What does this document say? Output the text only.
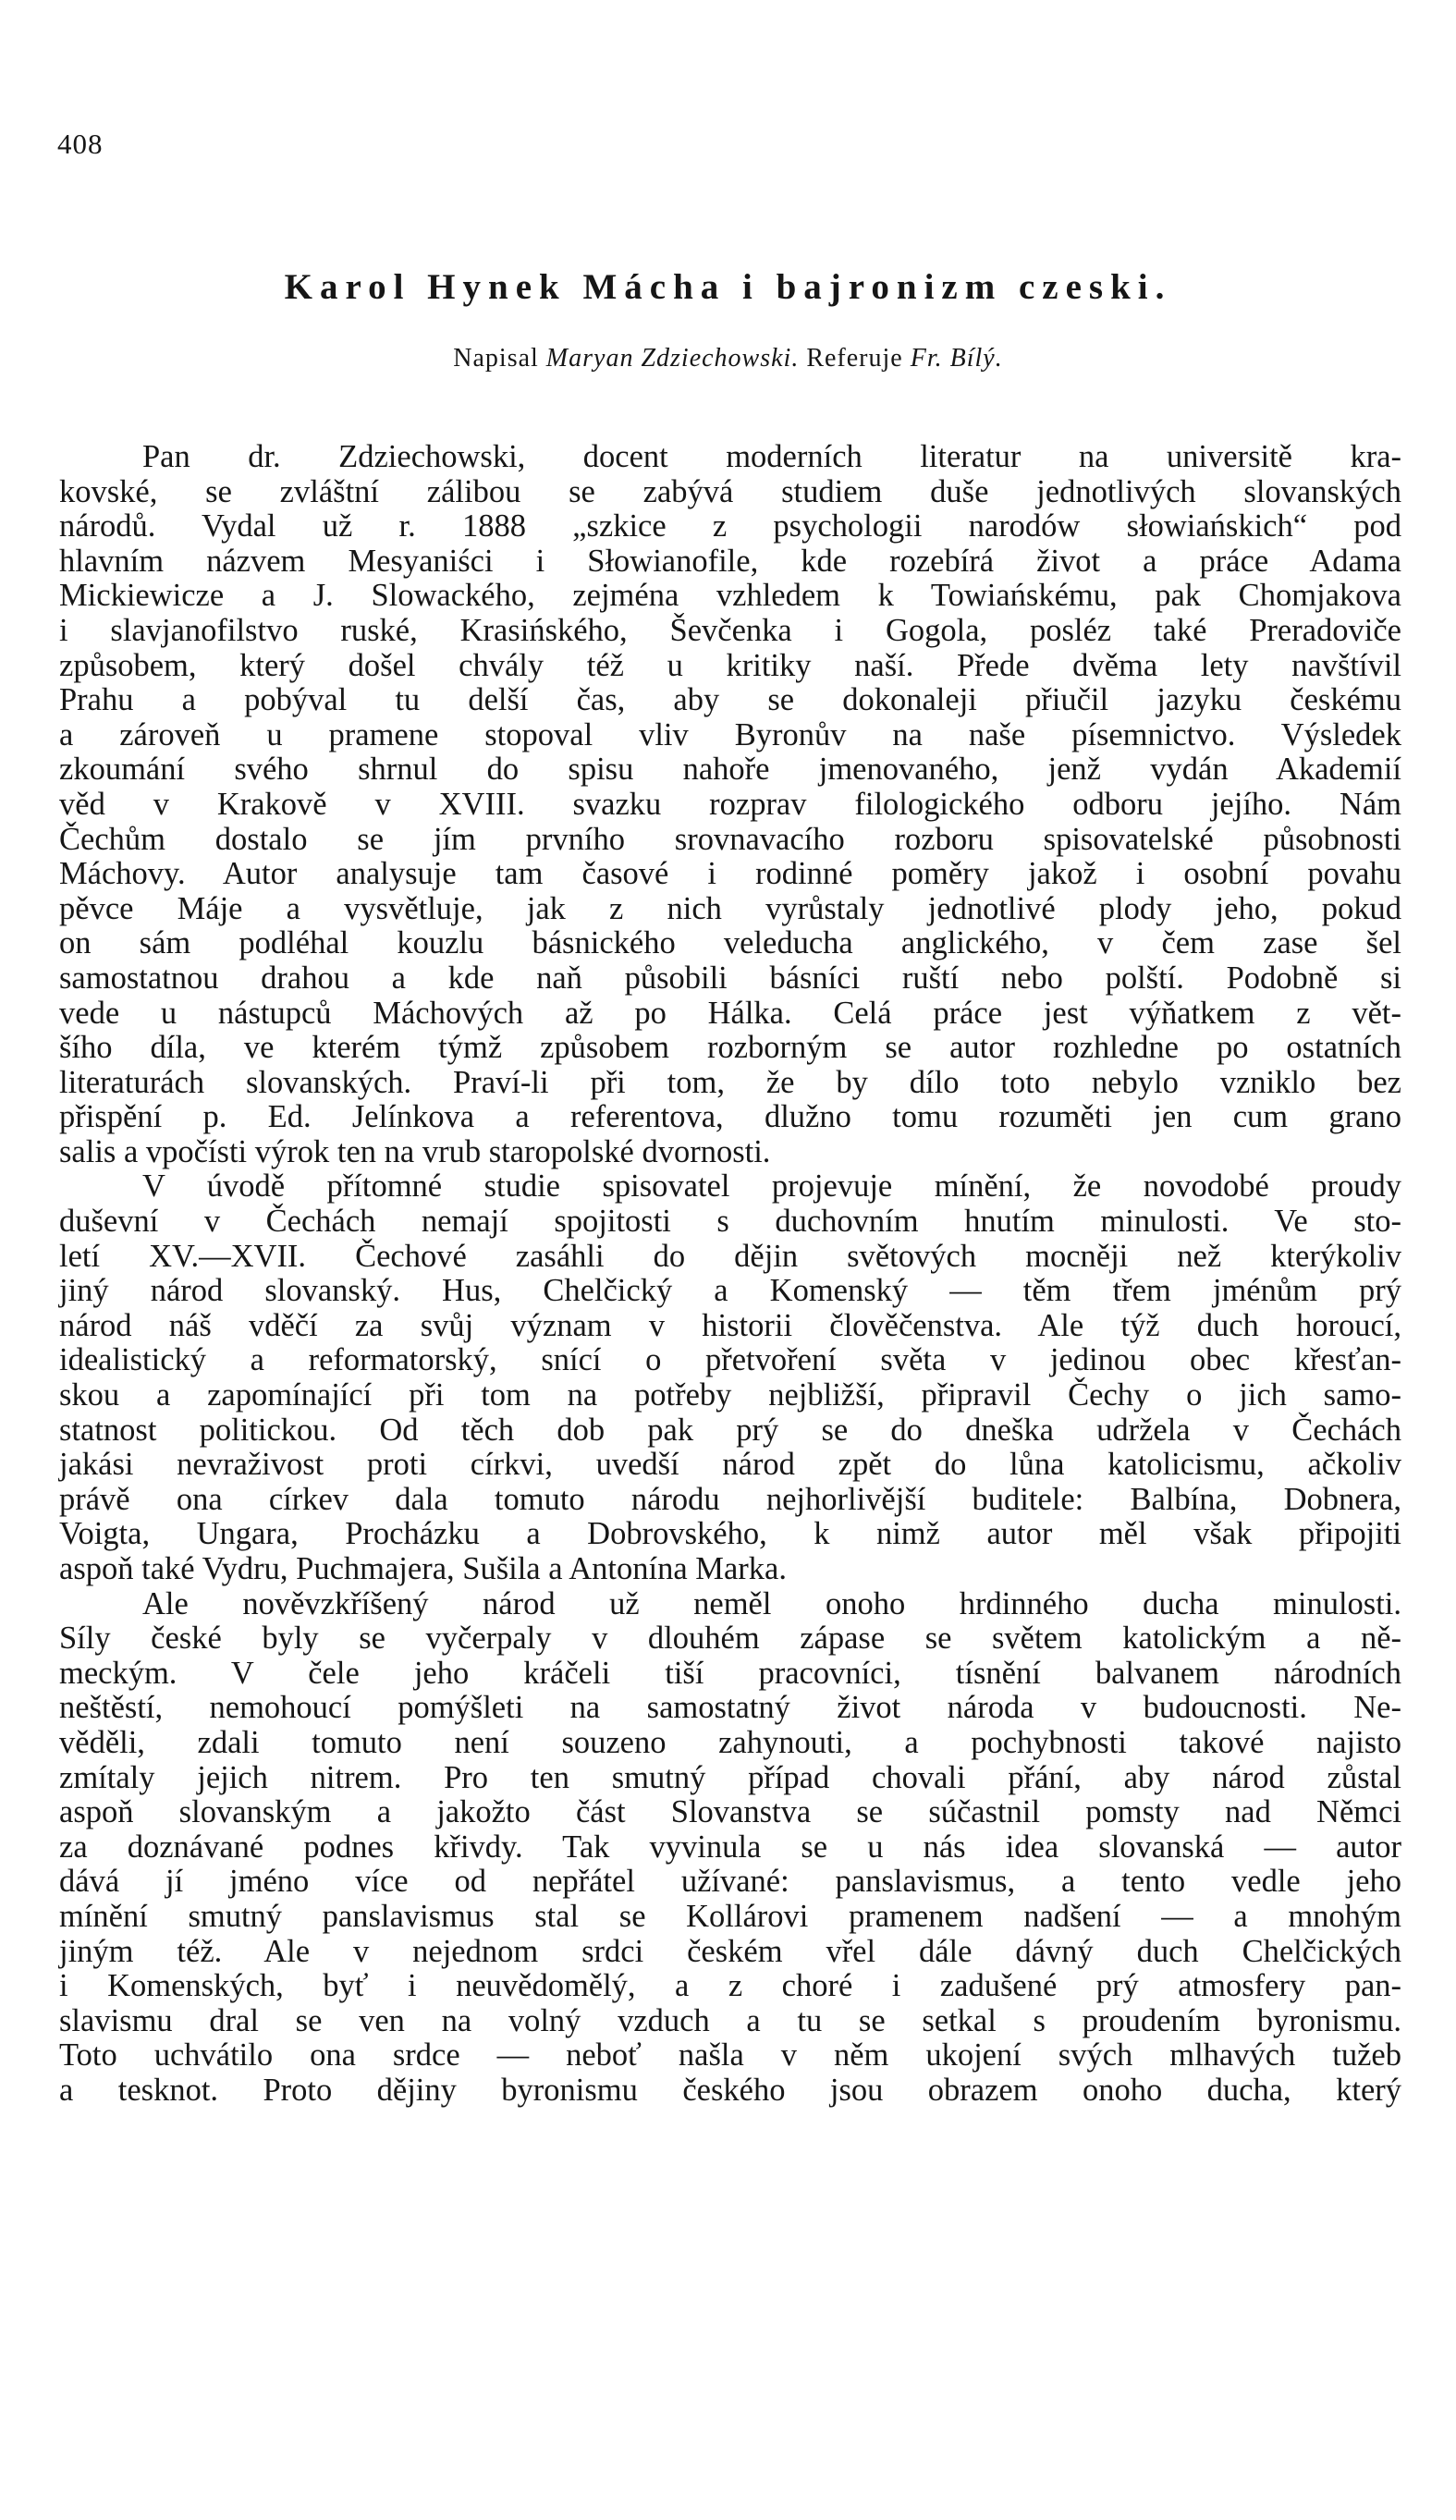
408
Karol Hynek Mácha i bajronizm czeski.
Napisal Maryan Zdziechowski. Referuje Fr. Bílý.
Pan dr. Zdziechowski, docent moderních literatur na universitě kra-
kovské, se zvláštní zálibou se zabývá studiem duše jednotlivých slovanských
národů. Vydal už r. 1888 „szkice z psychologii narodów słowiańskich“ pod
hlavním názvem Mesyaniści i Słowianofile, kde rozebírá život a práce Adama
Mickiewicze a J. Slowackého, zejména vzhledem k Towiańskému, pak Chomjakova
i slavjanofilstvo ruské, Krasińského, Ševčenka i Gogola, posléz také Preradoviče
způsobem, který došel chvály též u kritiky naší. Přede dvěma lety navštívil
Prahu a pobýval tu delší čas, aby se dokonaleji přiučil jazyku českému
a zároveň u pramene stopoval vliv Byronův na naše písemnictvo. Výsledek
zkoumání svého shrnul do spisu nahoře jmenovaného, jenž vydán Akademií
věd v Krakově v XVIII. svazku rozprav filologického odboru jejího. Nám
Čechům dostalo se jím prvního srovnavacího rozboru spisovatelské působnosti
Máchovy. Autor analysuje tam časové i rodinné poměry jakož i osobní povahu
pěvce Máje a vysvětluje, jak z nich vyrůstaly jednotlivé plody jeho, pokud
on sám podléhal kouzlu básnického veleducha anglického, v čem zase šel
samostatnou drahou a kde naň působili básníci ruští nebo polští. Podobně si
vede u nástupců Máchových až po Hálka. Celá práce jest výňatkem z vět-
šího díla, ve kterém týmž způsobem rozborným se autor rozhledne po ostatních
literaturách slovanských. Praví-li při tom, že by dílo toto nebylo vzniklo bez
přispění p. Ed. Jelínkova a referentova, dlužno tomu rozuměti jen cum grano
salis a vpočísti výrok ten na vrub staropolské dvornosti.
V úvodě přítomné studie spisovatel projevuje mínění, že novodobé proudy
duševní v Čechách nemají spojitosti s duchovním hnutím minulosti. Ve sto-
letí XV.—XVII. Čechové zasáhli do dějin světových mocněji než kterýkoliv
jiný národ slovanský. Hus, Chelčický a Komenský — těm třem jménům prý
národ náš vděčí za svůj význam v historii člověčenstva. Ale týž duch horoucí,
idealistický a reformatorský, snící o přetvoření světa v jedinou obec křesťan-
skou a zapomínající při tom na potřeby nejbližší, připravil Čechy o jich samo-
statnost politickou. Od těch dob pak prý se do dneška udržela v Čechách
jakási nevraživost proti církvi, uvedší národ zpět do lůna katolicismu, ačkoliv
právě ona církev dala tomuto národu nejhorlivější buditele: Balbína, Dobnera,
Voigta, Ungara, Procházku a Dobrovského, k nimž autor měl však připojiti
aspoň také Vydru, Puchmajera, Sušila a Antonína Marka.
Ale nověvzkříšený národ už neměl onoho hrdinného ducha minulosti.
Síly české byly se vyčerpaly v dlouhém zápase se světem katolickým a ně-
meckým. V čele jeho kráčeli tiší pracovníci, tísnění balvanem národních
neštěstí, nemohoucí pomýšleti na samostatný život národa v budoucnosti. Ne-
věděli, zdali tomuto není souzeno zahynouti, a pochybnosti takové najisto
zmítaly jejich nitrem. Pro ten smutný případ chovali přání, aby národ zůstal
aspoň slovanským a jakožto část Slovanstva se súčastnil pomsty nad Němci
za doznávané podnes křivdy. Tak vyvinula se u nás idea slovanská — autor
dává jí jméno více od nepřátel užívané: panslavismus, a tento vedle jeho
mínění smutný panslavismus stal se Kollárovi pramenem nadšení — a mnohým
jiným též. Ale v nejednom srdci českém vřel dále dávný duch Chelčických
i Komenských, byť i neuvědomělý, a z choré i zadušené prý atmosfery pan-
slavismu dral se ven na volný vzduch a tu se setkal s proudením byronismu.
Toto uchvátilo ona srdce — neboť našla v něm ukojení svých mlhavých tužeb
a tesknot. Proto dějiny byronismu českého jsou obrazem onoho ducha, který
